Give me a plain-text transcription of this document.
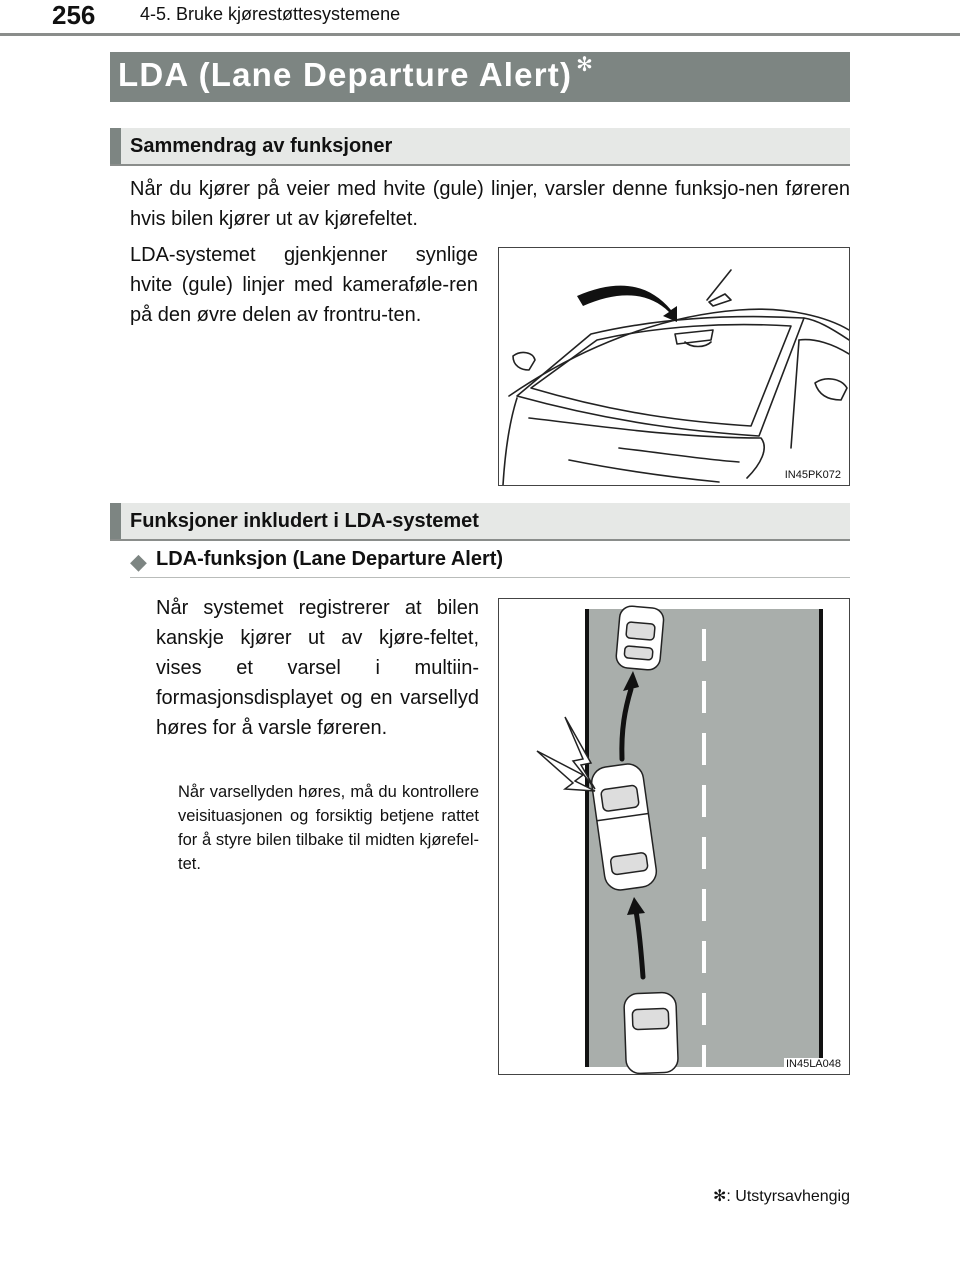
256 4-5. Bruke kjørestøttesystemene
LDA (Lane Departure Alert) ✻
Sammendrag av funksjoner
Når du kjører på veier med hvite (gule) linjer, varsler denne funksjo-nen føreren hvis bilen kjører ut av kjørefeltet.
LDA-systemet gjenkjenner synlige hvite (gule) linjer med kameraføle-ren på den øvre delen av frontru-ten.
IN45PK072
Funksjoner inkludert i LDA-systemet
◆ LDA-funksjon (Lane Departure Alert)
Når systemet registrerer at bilen kanskje kjører ut av kjøre-feltet, vises et varsel i multiin-formasjonsdisplayet og en varsellyd høres for å varsle føreren.
Når varsellyden høres, må du kontrollere veisituasjonen og forsiktig betjene rattet for å styre bilen tilbake til midten kjørefel-tet.
IN45LA048
✻: Utstyrsavhengig
